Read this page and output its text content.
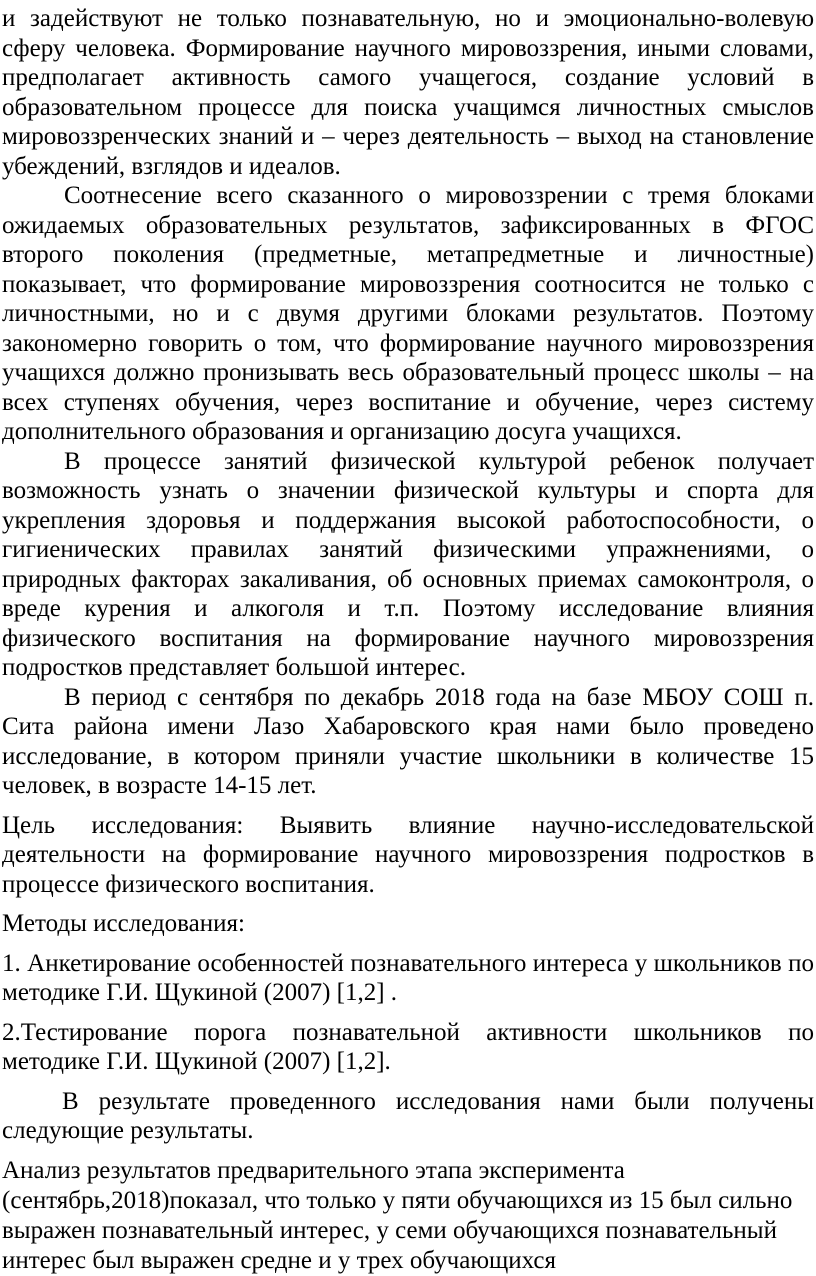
и задействуют не только познавательную, но и эмоционально-волевую сферу человека. Формирование научного мировоззрения, иными словами, предполагает активность самого учащегося, создание условий в образовательном процессе для поиска учащимся личностных смыслов мировоззренческих знаний и – через деятельность – выход на становление убеждений, взглядов и идеалов.

Соотнесение всего сказанного о мировоззрении с тремя блоками ожидаемых образовательных результатов, зафиксированных в ФГОС второго поколения (предметные, метапредметные и личностные) показывает, что формирование мировоззрения соотносится не только с личностными, но и с двумя другими блоками результатов. Поэтому закономерно говорить о том, что формирование научного мировоззрения учащихся должно пронизывать весь образовательный процесс школы – на всех ступенях обучения, через воспитание и обучение, через систему дополнительного образования и организацию досуга учащихся.

В процессе занятий физической культурой ребенок получает возможность узнать о значении физической культуры и спорта для укрепления здоровья и поддержания высокой работоспособности, о гигиенических правилах занятий физическими упражнениями, о природных факторах закаливания, об основных приемах самоконтроля, о вреде курения и алкоголя и т.п. Поэтому исследование влияния физического воспитания на формирование научного мировоззрения подростков представляет большой интерес.

В период с сентября по декабрь 2018 года на базе МБОУ СОШ п. Сита района имени Лазо Хабаровского края нами было проведено исследование, в котором приняли участие школьники в количестве 15 человек, в возрасте 14-15 лет.

Цель исследования: Выявить влияние научно-исследовательской деятельности на формирование научного мировоззрения подростков в процессе физического воспитания.

Методы исследования:

1. Анкетирование особенностей познавательного интереса у школьников по методике Г.И. Щукиной (2007) [1,2] .

2.Тестирование порога познавательной активности школьников по методике Г.И. Щукиной (2007) [1,2].

В результате проведенного исследования нами были получены следующие результаты.

Анализ результатов предварительного этапа эксперимента (сентябрь,2018)показал, что только у пяти обучающихся из 15 был сильно выражен познавательный интерес, у семи обучающихся познавательный интерес был выражен средне и у трех обучающихся
